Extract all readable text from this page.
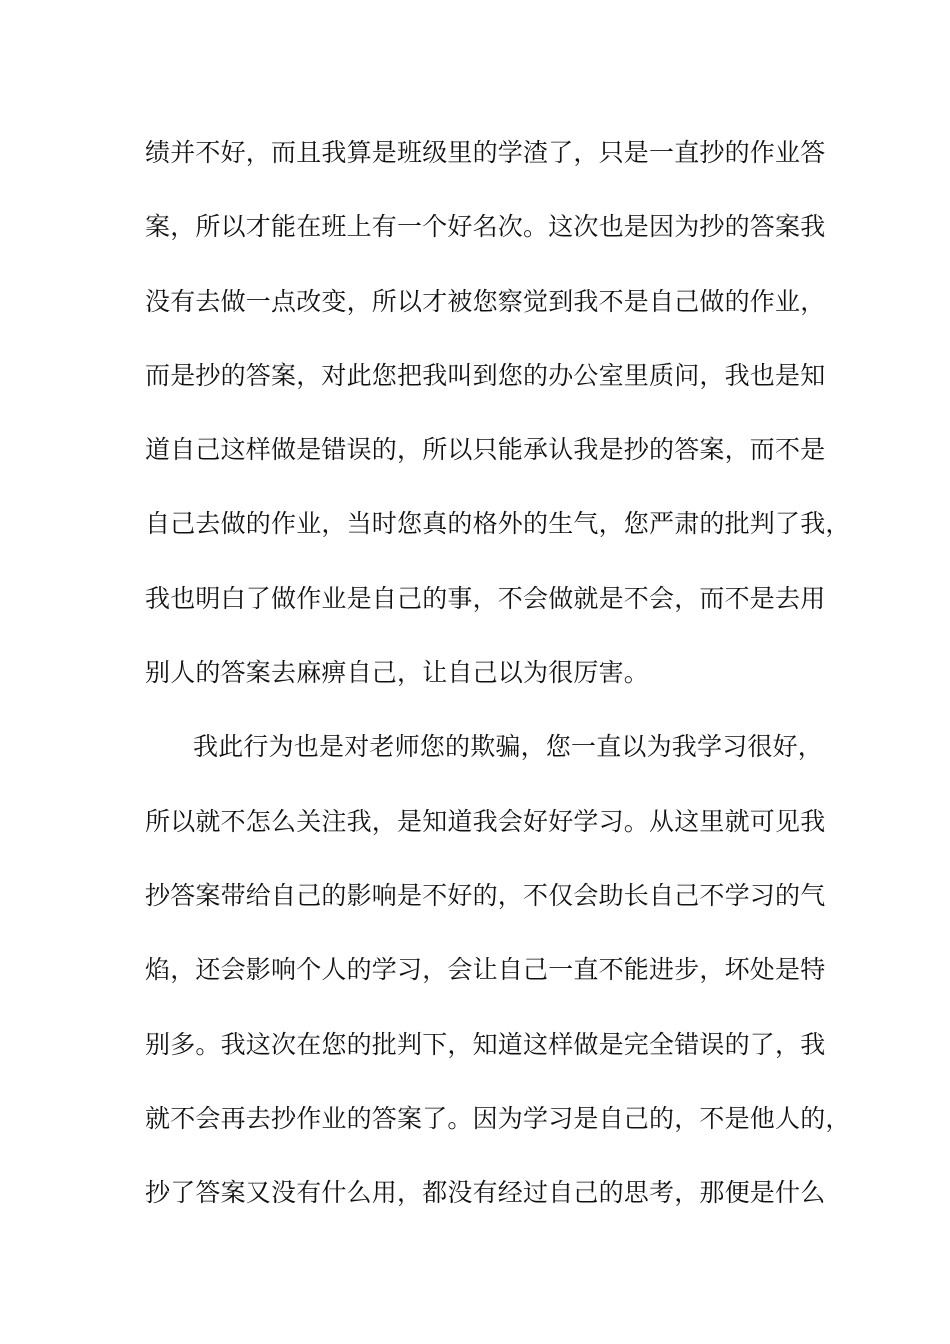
绩并不好，而且我算是班级里的学渣了，只是一直抄的作业答
案，所以才能在班上有一个好名次。这次也是因为抄的答案我
没有去做一点改变，所以才被您察觉到我不是自己做的作业，
而是抄的答案，对此您把我叫到您的办公室里质问，我也是知
道自己这样做是错误的，所以只能承认我是抄的答案，而不是
自己去做的作业，当时您真的格外的生气，您严肃的批判了我，
我也明白了做作业是自己的事，不会做就是不会，而不是去用
别人的答案去麻痹自己，让自己以为很厉害。
我此行为也是对老师您的欺骗，您一直以为我学习很好，
所以就不怎么关注我，是知道我会好好学习。从这里就可见我
抄答案带给自己的影响是不好的，不仅会助长自己不学习的气
焰，还会影响个人的学习，会让自己一直不能进步，坏处是特
别多。我这次在您的批判下，知道这样做是完全错误的了，我
就不会再去抄作业的答案了。因为学习是自己的，不是他人的，
抄了答案又没有什么用，都没有经过自己的思考，那便是什么
